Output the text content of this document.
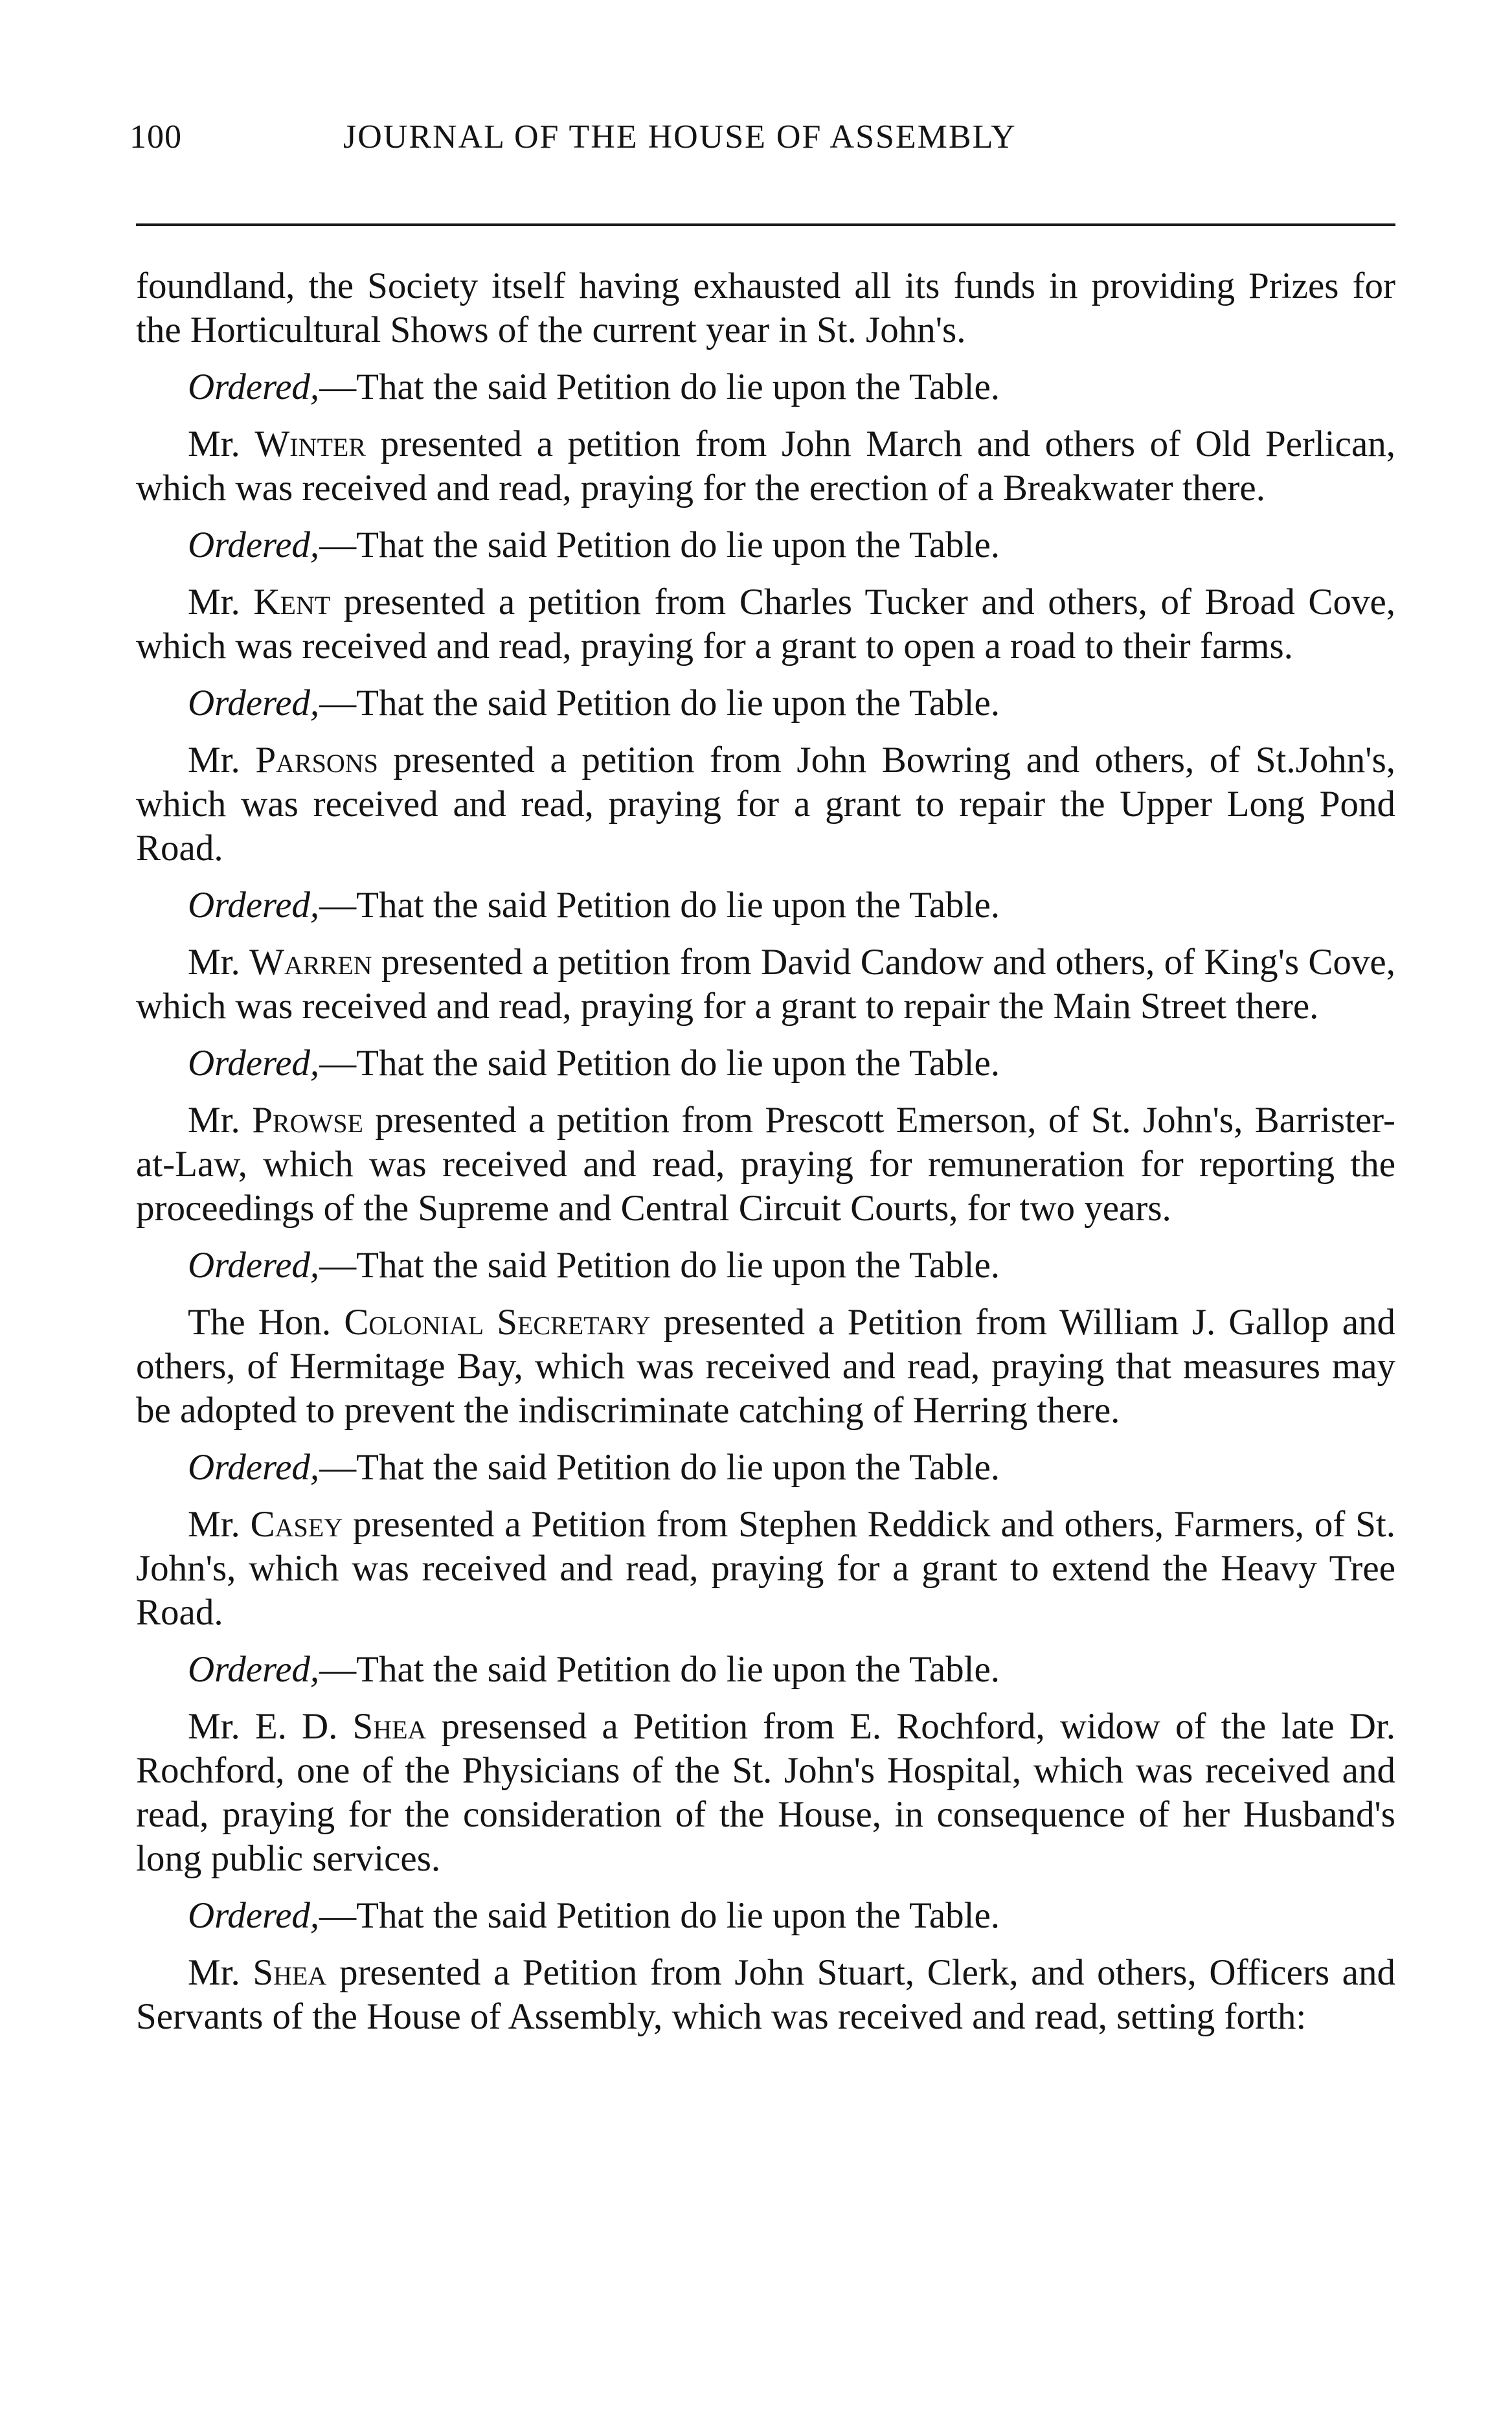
100	JOURNAL OF THE HOUSE OF ASSEMBLY

foundland, the Society itself having exhausted all its funds in providing Prizes for the Horticultural Shows of the current year in St. John's.

Ordered,—That the said Petition do lie upon the Table.

Mr. Winter presented a petition from John March and others of Old Perlican, which was received and read, praying for the erection of a Breakwater there.

Ordered,—That the said Petition do lie upon the Table.

Mr. Kent presented a petition from Charles Tucker and others, of Broad Cove, which was received and read, praying for a grant to open a road to their farms.

Ordered,—That the said Petition do lie upon the Table.

Mr. Parsons presented a petition from John Bowring and others, of St.John's, which was received and read, praying for a grant to repair the Upper Long Pond Road.

Ordered,—That the said Petition do lie upon the Table.

Mr. Warren presented a petition from David Candow and others, of King's Cove, which was received and read, praying for a grant to repair the Main Street there.

Ordered,—That the said Petition do lie upon the Table.

Mr. Prowse presented a petition from Prescott Emerson, of St. John's, Barrister-at-Law, which was received and read, praying for remuneration for reporting the proceedings of the Supreme and Central Circuit Courts, for two years.

Ordered,—That the said Petition do lie upon the Table.

The Hon. Colonial Secretary presented a Petition from William J. Gallop and others, of Hermitage Bay, which was received and read, praying that measures may be adopted to prevent the indiscriminate catching of Herring there.

Ordered,—That the said Petition do lie upon the Table.

Mr. Casey presented a Petition from Stephen Reddick and others, Farmers, of St. John's, which was received and read, praying for a grant to extend the Heavy Tree Road.

Ordered,—That the said Petition do lie upon the Table.

Mr. E. D. Shea presensed a Petition from E. Rochford, widow of the late Dr. Rochford, one of the Physicians of the St. John's Hospital, which was received and read, praying for the consideration of the House, in consequence of her Husband's long public services.

Ordered,—That the said Petition do lie upon the Table.

Mr. Shea presented a Petition from John Stuart, Clerk, and others, Officers and Servants of the House of Assembly, which was received and read, setting forth:
